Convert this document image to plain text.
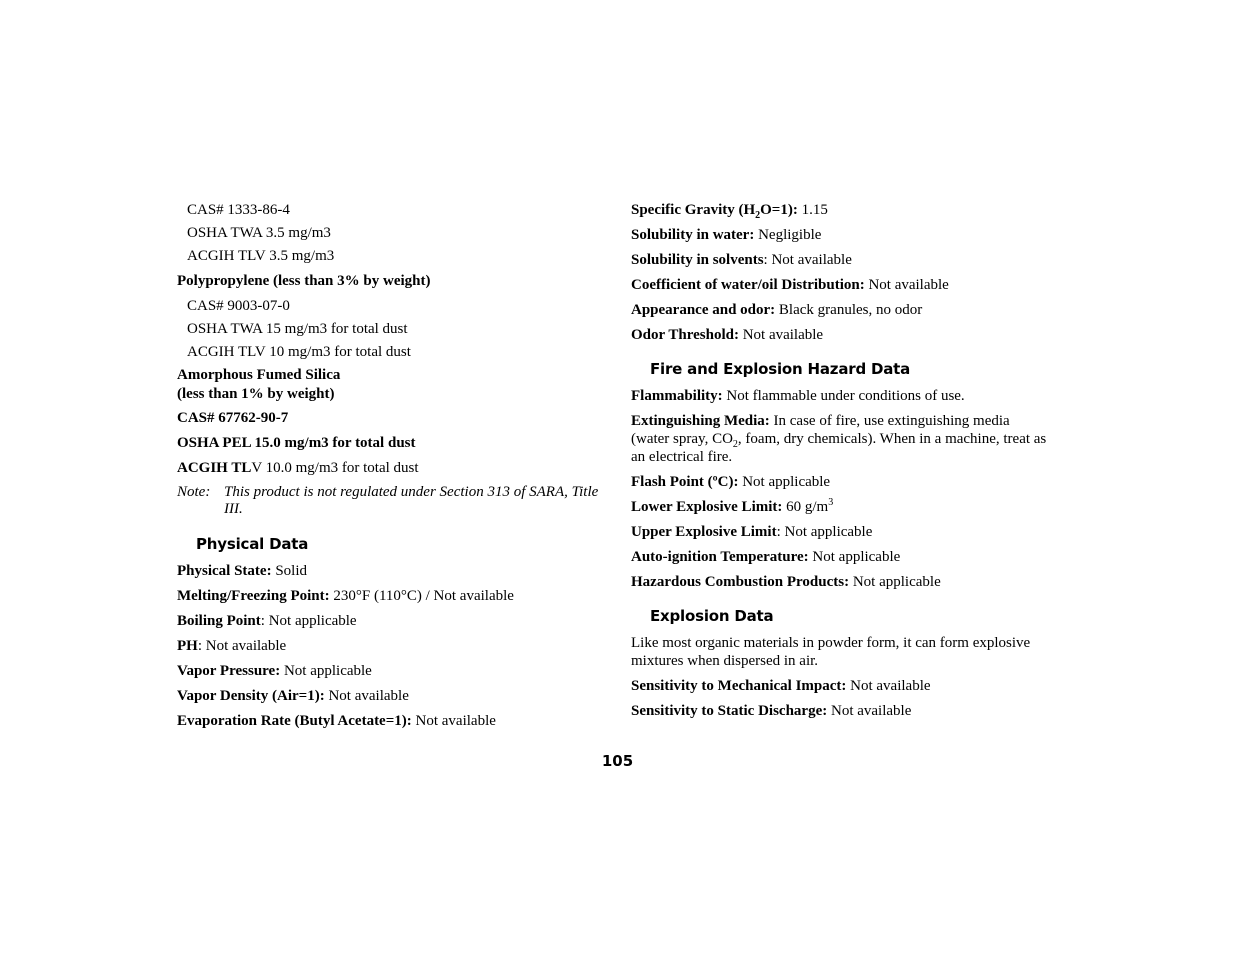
CAS# 1333-86-4
OSHA TWA 3.5 mg/m3
ACGIH TLV 3.5 mg/m3
Polypropylene (less than 3% by weight)
CAS# 9003-07-0
OSHA TWA 15 mg/m3 for total dust
ACGIH TLV 10 mg/m3 for total dust
Amorphous Fumed Silica
(less than 1% by weight)
CAS# 67762-90-7
OSHA PEL 15.0 mg/m3 for total dust
ACGIH TLV 10.0 mg/m3 for total dust
Note: This product is not regulated under Section 313 of SARA, Title III.
Physical Data
Physical State: Solid
Melting/Freezing Point: 230°F (110°C) / Not available
Boiling Point: Not applicable
PH: Not available
Vapor Pressure: Not applicable
Vapor Density (Air=1): Not available
Evaporation Rate (Butyl Acetate=1): Not available
Specific Gravity $(H_2O=1)$: 1.15
Solubility in water: Negligible
Solubility in solvents: Not available
Coefficient of water/oil Distribution: Not available
Appearance and odor: Black granules, no odor
Odor Threshold: Not available
Fire and Explosion Hazard Data
Flammability: Not flammable under conditions of use.
Extinguishing Media: In case of fire, use extinguishing media (water spray, $CO_2$, foam, dry chemicals). When in a machine, treat as an electrical fire.
Flash Point (ºC): Not applicable
Lower Explosive Limit: 60 $g/m^3$
Upper Explosive Limit: Not applicable
Auto-ignition Temperature: Not applicable
Hazardous Combustion Products: Not applicable
Explosion Data
Like most organic materials in powder form, it can form explosive mixtures when dispersed in air.
Sensitivity to Mechanical Impact: Not available
Sensitivity to Static Discharge: Not available
105
